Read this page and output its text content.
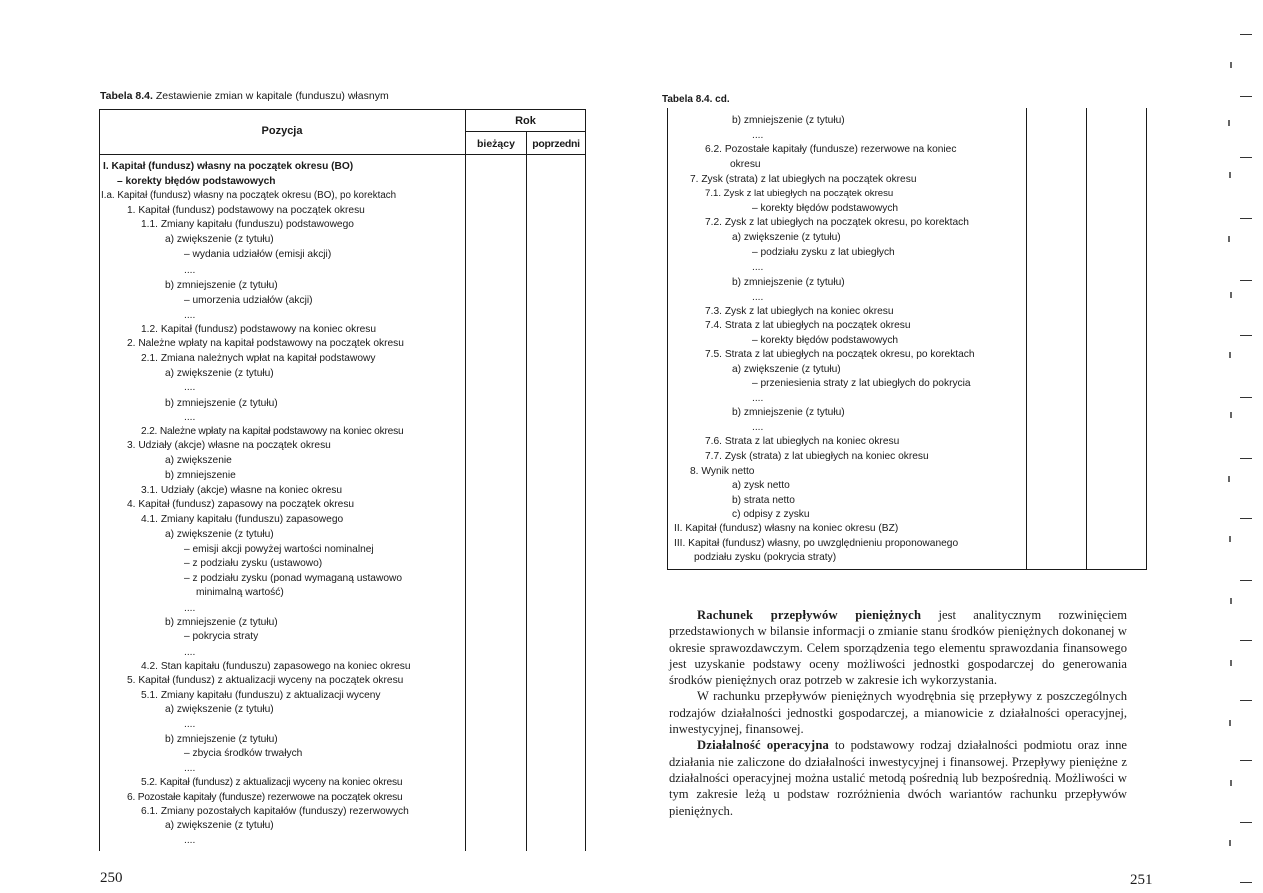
Tabela 8.4. Zestawienie zmian w kapitale (funduszu) własnym
Pozycja
Rok
bieżący	poprzedni
I. Kapitał (fundusz) własny na początek okresu (BO)
– korekty błędów podstawowych
I.a. Kapitał (fundusz) własny na początek okresu (BO), po korektach
1. Kapitał (fundusz) podstawowy na początek okresu
1.1. Zmiany kapitału (funduszu) podstawowego
a) zwiększenie (z tytułu)
– wydania udziałów (emisji akcji)
....
b) zmniejszenie (z tytułu)
– umorzenia udziałów (akcji)
....
1.2. Kapitał (fundusz) podstawowy na koniec okresu
2. Należne wpłaty na kapitał podstawowy na początek okresu
2.1. Zmiana należnych wpłat na kapitał podstawowy
a) zwiększenie (z tytułu)
....
b) zmniejszenie (z tytułu)
....
2.2. Należne wpłaty na kapitał podstawowy na koniec okresu
3. Udziały (akcje) własne na początek okresu
a) zwiększenie
b) zmniejszenie
3.1. Udziały (akcje) własne na koniec okresu
4. Kapitał (fundusz) zapasowy na początek okresu
4.1. Zmiany kapitału (funduszu) zapasowego
a) zwiększenie (z tytułu)
– emisji akcji powyżej wartości nominalnej
– z podziału zysku (ustawowo)
– z podziału zysku (ponad wymaganą ustawowo
minimalną wartość)
....
b) zmniejszenie (z tytułu)
– pokrycia straty
....
4.2. Stan kapitału (funduszu) zapasowego na koniec okresu
5. Kapitał (fundusz) z aktualizacji wyceny na początek okresu
5.1. Zmiany kapitału (funduszu) z aktualizacji wyceny
a) zwiększenie (z tytułu)
....
b) zmniejszenie (z tytułu)
– zbycia środków trwałych
....
5.2. Kapitał (fundusz) z aktualizacji wyceny na koniec okresu
6. Pozostałe kapitały (fundusze) rezerwowe na początek okresu
6.1. Zmiany pozostałych kapitałów (funduszy) rezerwowych
a) zwiększenie (z tytułu)
....
250
Tabela 8.4. cd.
b) zmniejszenie (z tytułu)
....
6.2. Pozostałe kapitały (fundusze) rezerwowe na koniec
okresu
7. Zysk (strata) z lat ubiegłych na początek okresu
7.1. Zysk z lat ubiegłych na początek okresu
– korekty błędów podstawowych
7.2. Zysk z lat ubiegłych na początek okresu, po korektach
a) zwiększenie (z tytułu)
– podziału zysku z lat ubiegłych
....
b) zmniejszenie (z tytułu)
....
7.3. Zysk z lat ubiegłych na koniec okresu
7.4. Strata z lat ubiegłych na początek okresu
– korekty błędów podstawowych
7.5. Strata z lat ubiegłych na początek okresu, po korektach
a) zwiększenie (z tytułu)
– przeniesienia straty z lat ubiegłych do pokrycia
....
b) zmniejszenie (z tytułu)
....
7.6. Strata z lat ubiegłych na koniec okresu
7.7. Zysk (strata) z lat ubiegłych na koniec okresu
8. Wynik netto
a) zysk netto
b) strata netto
c) odpisy z zysku
II. Kapitał (fundusz) własny na koniec okresu (BZ)
III. Kapitał (fundusz) własny, po uwzględnieniu proponowanego
podziału zysku (pokrycia straty)

Rachunek przepływów pieniężnych jest analitycznym rozwinięciem przedstawionych w bilansie informacji o zmianie stanu środków pieniężnych dokonanej w okresie sprawozdawczym. Celem sporządzenia tego elementu sprawozdania finansowego jest uzyskanie podstawy oceny możliwości jednostki gospodarczej do generowania środków pieniężnych oraz potrzeb w zakresie ich wykorzystania.

W rachunku przepływów pieniężnych wyodrębnia się przepływy z poszczególnych rodzajów działalności jednostki gospodarczej, a mianowicie z działalności operacyjnej, inwestycyjnej, finansowej.

Działalność operacyjna to podstawowy rodzaj działalności podmiotu oraz inne działania nie zaliczone do działalności inwestycyjnej i finansowej. Przepływy pieniężne z działalności operacyjnej można ustalić metodą pośrednią lub bezpośrednią. Możliwości w tym zakresie leżą u podstaw rozróżnienia dwóch wariantów rachunku przepływów pieniężnych.

251
